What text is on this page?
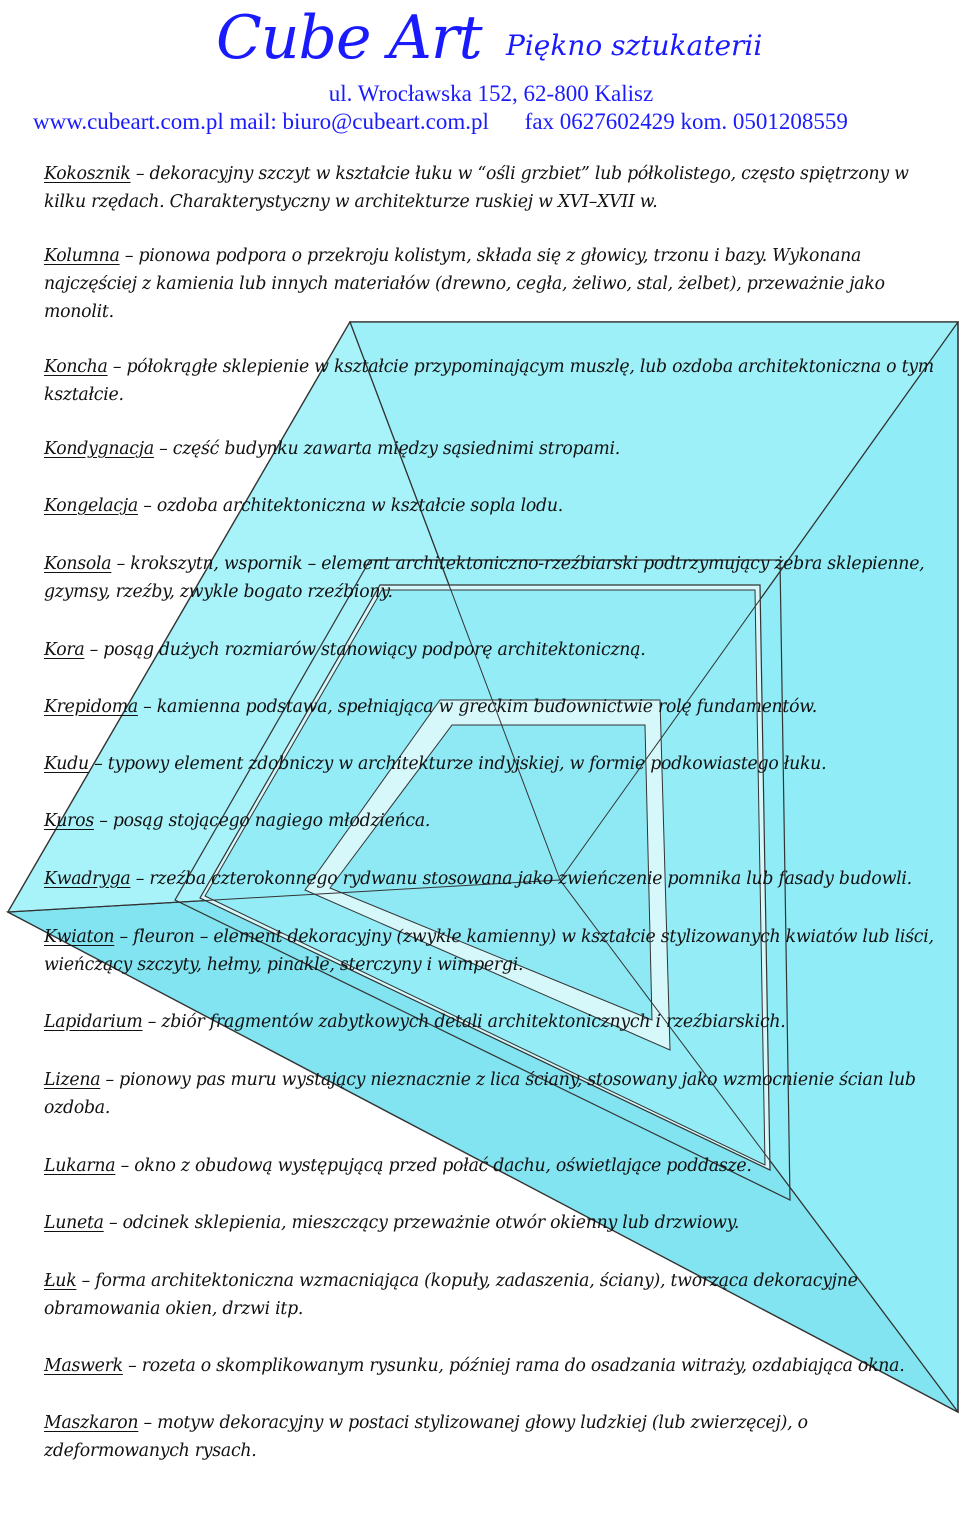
Cube Art Piękno sztukaterii
ul. Wrocławska 152, 62-800 Kalisz
www.cubeart.com.pl mail: biuro@cubeart.com.pl fax 0627602429 kom. 0501208559
Kokosznik – dekoracyjny szczyt w kształcie łuku w “ośli grzbiet” lub półkolistego, często spiętrzony w kilku rzędach. Charakterystyczny w architekturze ruskiej w XVI–XVII w.
Kolumna – pionowa podpora o przekroju kolistym, składa się z głowicy, trzonu i bazy. Wykonana najczęściej z kamienia lub innych materiałów (drewno, cegła, żeliwo, stal, żelbet), przeważnie jako monolit.
Koncha – półokrągłe sklepienie w kształcie przypominającym muszlę, lub ozdoba architektoniczna o tym kształcie.
Kondygnacja – część budynku zawarta między sąsiednimi stropami.
Kongelacja – ozdoba architektoniczna w kształcie sopla lodu.
Konsola – krokszytn, wspornik – element architektoniczno-rzeźbiarski podtrzymujący żebra sklepienne, gzymsy, rzeźby, zwykle bogato rzeźbiony.
Kora – posąg dużych rozmiarów stanowiący podporę architektoniczną.
Krepidoma – kamienna podstawa, spełniająca w greckim budownictwie rolę fundamentów.
Kudu – typowy element zdobniczy w architekturze indyjskiej, w formie podkowiastego łuku.
Kuros – posąg stojącego nagiego młodzieńca.
Kwadryga – rzeźba czterokonnego rydwanu stosowana jako zwieńczenie pomnika lub fasady budowli.
Kwiaton – fleuron – element dekoracyjny (zwykle kamienny) w kształcie stylizowanych kwiatów lub liści, wieńczący szczyty, hełmy, pinakle, sterczyny i wimpergi.
Lapidarium – zbiór fragmentów zabytkowych detali architektonicznych i rzeźbiarskich.
Lizena – pionowy pas muru wystający nieznacznie z lica ściany, stosowany jako wzmocnienie ścian lub ozdoba.
Lukarna – okno z obudową występującą przed połać dachu, oświetlające poddasze.
Luneta – odcinek sklepienia, mieszczący przeważnie otwór okienny lub drzwiowy.
Łuk – forma architektoniczna wzmacniająca (kopuły, zadaszenia, ściany), tworząca dekoracyjne obramowania okien, drzwi itp.
Maswerk – rozeta o skomplikowanym rysunku, później rama do osadzania witraży, ozdabiająca okna.
Maszkaron – motyw dekoracyjny w postaci stylizowanej głowy ludzkiej (lub zwierzęcej), o zdeformowanych rysach.
